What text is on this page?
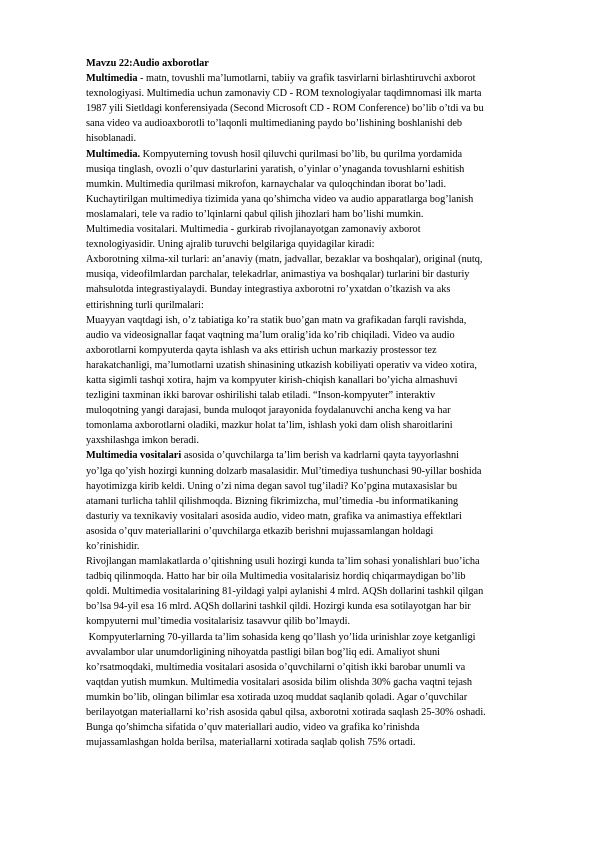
Mavzu 22:Audio axborotlar
Multimedia - matn, tovushli ma’lumotlarni, tabiiy va grafik tasvirlarni birlashtiruvchi axborot
texnologiyasi. Multimedia uchun zamonaviy CD - ROM texnologiyalar taqdimnomasi ilk marta
1987 yili Sietldagi konferensiyada (Second Microsoft CD - ROM Conference) bo’lib o’tdi va bu
sana video va audioaxborotli to’laqonli multimedianing paydo bo’lishining boshlanishi deb
hisoblanadi.
Multimedia. Kompyuterning tovush hosil qiluvchi qurilmasi bo’lib, bu qurilma yordamida
musiqa tinglash, ovozli o’quv dasturlarini yaratish, o’yinlar o’ynaganda tovushlarni eshitish
mumkin. Multimedia qurilmasi mikrofon, karnaychalar va quloqchindan iborat bo’ladi.
Kuchaytirilgan multimediya tizimida yana qo’shimcha video va audio apparatlarga bog’lanish
moslamalari, tele va radio to’lqinlarni qabul qilish jihozlari ham bo’lishi mumkin.
Multimedia vositalari. Multimedia - gurkirab rivojlanayotgan zamonaviy axborot
texnologiyasidir. Uning ajralib turuvchi belgilariga quyidagilar kiradi:
Axborotning xilma-xil turlari: an’anaviy (matn, jadvallar, bezaklar va boshqalar), original (nutq,
musiqa, videofilmlardan parchalar, telekadrlar, animastiya va boshqalar) turlarini bir dasturiy
mahsulotda integrastiyalaydi. Bunday integrastiya axborotni ro’yxatdan o’tkazish va aks
ettirishning turli qurilmalari:
Muayyan vaqtdagi ish, o’z tabiatiga ko’ra statik buo’gan matn va grafikadan farqli ravishda,
audio va videosignallar faqat vaqtning ma’lum oralig’ida ko’rib chiqiladi. Video va audio
axborotlarni kompyuterda qayta ishlash va aks ettirish uchun markaziy prostessor tez
harakatchanligi, ma’lumotlarni uzatish shinasining utkazish kobiliyati operativ va video xotira,
katta sigimli tashqi xotira, hajm va kompyuter kirish-chiqish kanallari bo’yicha almashuvi
tezligini taxminan ikki barovar oshirilishi talab etiladi. “Inson-kompyuter” interaktiv
muloqotning yangi darajasi, bunda muloqot jarayonida foydalanuvchi ancha keng va har
tomonlama axborotlarni oladiki, mazkur holat ta’lim, ishlash yoki dam olish sharoitlarini
yaxshilashga imkon beradi.
Multimedia vositalari asosida o’quvchilarga ta’lim berish va kadrlarni qayta tayyorlashni
yo’lga qo’yish hozirgi kunning dolzarb masalasidir. Mul’timediya tushunchasi 90-yillar boshida
hayotimizga kirib keldi. Uning o’zi nima degan savol tug’iladi? Ko’pgina mutaxasislar bu
atamani turlicha tahlil qilishmoqda. Bizning fikrimizcha, mul’timedia -bu informatikaning
dasturiy va texnikaviy vositalari asosida audio, video matn, grafika va animastiya effektlari
asosida o’quv materiallarini o’quvchilarga etkazib berishni mujassamlangan holdagi
ko’rinishidir.
Rivojlangan mamlakatlarda o’qitishning usuli hozirgi kunda ta’lim sohasi yonalishlari buo’icha
tadbiq qilinmoqda. Hatto har bir oila Multimedia vositalarisiz hordiq chiqarmaydigan bo’lib
qoldi. Multimedia vositalarining 81-yildagi yalpi aylanishi 4 mlrd. AQSh dollarini tashkil qilgan
bo’lsa 94-yil esa 16 mlrd. AQSh dollarini tashkil qildi. Hozirgi kunda esa sotilayotgan har bir
kompyuterni mul’timedia vositalarisiz tasavvur qilib bo’lmaydi.
Kompyuterlarning 70-yillarda ta’lim sohasida keng qo’llash yo’lida urinishlar zoye ketganligi
avvalambor ular unumdorligining nihoyatda pastligi bilan bog’liq edi. Amaliyot shuni
ko’rsatmoqdaki, multimedia vositalari asosida o’quvchilarni o’qitish ikki barobar unumli va
vaqtdan yutish mumkun. Multimedia vositalari asosida bilim olishda 30% gacha vaqtni tejash
mumkin bo’lib, olingan bilimlar esa xotirada uzoq muddat saqlanib qoladi. Agar o’quvchilar
berilayotgan materiallarni ko’rish asosida qabul qilsa, axborotni xotirada saqlash 25-30% oshadi.
Bunga qo’shimcha sifatida o’quv materiallari audio, video va grafika ko’rinishda
mujassamlashgan holda berilsa, materiallarni xotirada saqlab qolish 75% ortadi.
